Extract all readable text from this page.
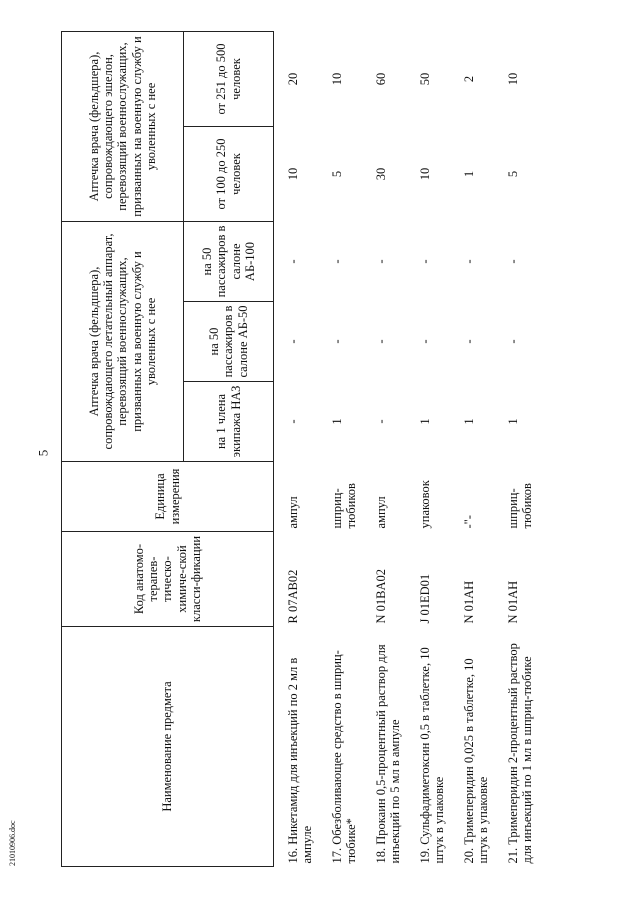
5
21010906.doc
Наименование предмета	Код анатомо-терапев-тическо-химиче-ской класси-фикации	Единица измерения	Аптечка врача (фельдшера), сопровождающего летательный аппарат, перевозящий военнослужащих, призванных на военную службу и уволенных с нее			Аптечка врача (фельдшера), сопровождающего эшелон, перевозящий военнослужащих, призванных на военную службу и уволенных с нее	
			на 1 члена экипажа НАЗ	на 50 пассажиров в салоне АБ-50	на 50 пассажиров в салоне АБ-100	от 100 до 250 человек	от 251 до 500 человек

16. Никетамид для инъекций по 2 мл в ампуле	R 07AB02	ампул	-	-	-	10	20
17. Обезболивающее средство в шприц-тюбике*		шприц-тюбиков	1	-	-	5	10
18. Прокаин 0,5-процентный раствор для инъекций по 5 мл в ампуле	N 01BA02	ампул	-	-	-	30	60
19. Сульфадиметоксин 0,5 в таблетке, 10 штук в упаковке	J 01ED01	упаковок	1	-	-	10	50
20. Тримеперидин 0,025 в таблетке, 10 штук в упаковке	N 01AH	-"-	1	-	-	1	2
21. Тримеперидин 2-процентный раствор для инъекций по 1 мл в шприц-тюбике	N 01AH	шприц-тюбиков	1	-	-	5	10
